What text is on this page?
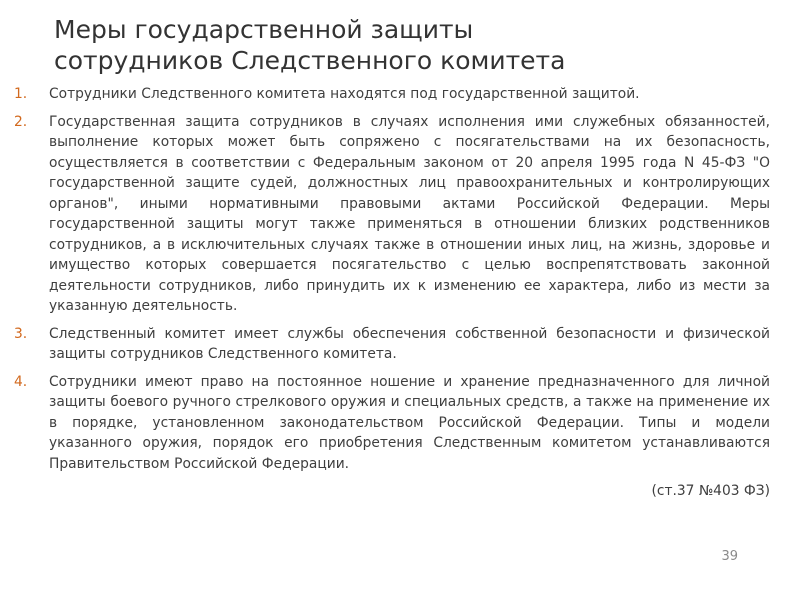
Меры государственной защиты
сотрудников Следственного комитета
1.	Сотрудники Следственного комитета находятся под государственной защитой.
2.	Государственная защита сотрудников в случаях исполнения ими служебных обязанностей, выполнение которых может быть сопряжено с посягательствами на их безопасность, осуществляется в соответствии с Федеральным законом от 20 апреля 1995 года N 45-ФЗ "О государственной защите судей, должностных лиц правоохранительных и контролирующих органов", иными нормативными правовыми актами Российской Федерации. Меры государственной защиты могут также применяться в отношении близких родственников сотрудников, а в исключительных случаях также в отношении иных лиц, на жизнь, здоровье и имущество которых совершается посягательство с целью воспрепятствовать законной деятельности сотрудников, либо принудить их к изменению ее характера, либо из мести за указанную деятельность.
3.	Следственный комитет имеет службы обеспечения собственной безопасности и физической защиты сотрудников Следственного комитета.
4.	Сотрудники имеют право на постоянное ношение и хранение предназначенного для личной защиты боевого ручного стрелкового оружия и специальных средств, а также на применение их в порядке, установленном законодательством Российской Федерации. Типы и модели указанного оружия, порядок его приобретения Следственным комитетом устанавливаются Правительством Российской Федерации.
(ст.37 №403 ФЗ)
39
